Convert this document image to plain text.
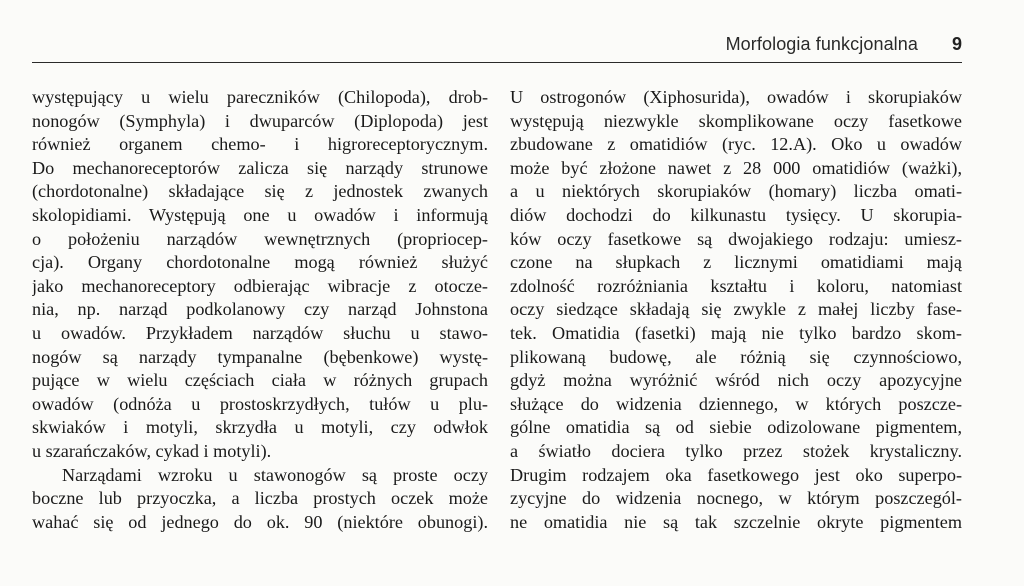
Morfologia funkcjonalna 9
występujący u wielu pareczników (Chilopoda), drob-
nonogów (Symphyla) i dwuparców (Diplopoda) jest
również organem chemo- i higroreceptorycznym.
Do mechanoreceptorów zalicza się narządy strunowe
(chordotonalne) składające się z jednostek zwanych
skolopidiami. Występują one u owadów i informują
o położeniu narządów wewnętrznych (propriocep-
cja). Organy chordotonalne mogą również służyć
jako mechanoreceptory odbierając wibracje z otocze-
nia, np. narząd podkolanowy czy narząd Johnstona
u owadów. Przykładem narządów słuchu u stawo-
nogów są narządy tympanalne (bębenkowe) wystę-
pujące w wielu częściach ciała w różnych grupach
owadów (odnóża u prostoskrzydłych, tułów u plu-
skwiaków i motyli, skrzydła u motyli, czy odwłok
u szarańczaków, cykad i motyli).
Narządami wzroku u stawonogów są proste oczy
boczne lub przyoczka, a liczba prostych oczek może
wahać się od jednego do ok. 90 (niektóre obunogi).
U ostrogonów (Xiphosurida), owadów i skorupiaków
występują niezwykle skomplikowane oczy fasetkowe
zbudowane z omatidiów (ryc. 12.A). Oko u owadów
może być złożone nawet z 28 000 omatidiów (ważki),
a u niektórych skorupiaków (homary) liczba omati-
diów dochodzi do kilkunastu tysięcy. U skorupia-
ków oczy fasetkowe są dwojakiego rodzaju: umiesz-
czone na słupkach z licznymi omatidiami mają
zdolność rozróżniania kształtu i koloru, natomiast
oczy siedzące składają się zwykle z małej liczby fase-
tek. Omatidia (fasetki) mają nie tylko bardzo skom-
plikowaną budowę, ale różnią się czynnościowo,
gdyż można wyróżnić wśród nich oczy apozycyjne
służące do widzenia dziennego, w których poszcze-
gólne omatidia są od siebie odizolowane pigmentem,
a światło dociera tylko przez stożek krystaliczny.
Drugim rodzajem oka fasetkowego jest oko superpo-
zycyjne do widzenia nocnego, w którym poszczegól-
ne omatidia nie są tak szczelnie okryte pigmentem
